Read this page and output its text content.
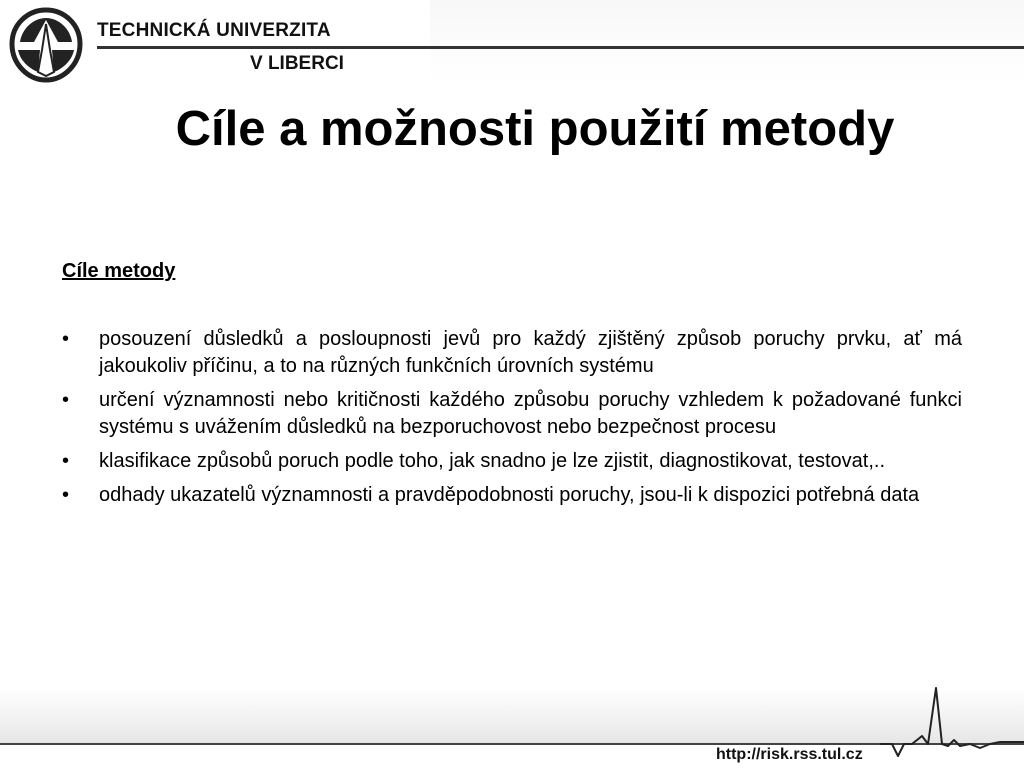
TECHNICKÁ UNIVERZITA
V LIBERCI
Cíle a možnosti použití metody
Cíle metody
• posouzení důsledků a posloupnosti jevů pro každý zjištěný způsob poruchy prvku, ať má jakoukoliv příčinu, a to na různých funkčních úrovních systému
• určení významnosti nebo kritičnosti každého způsobu poruchy vzhledem k požadované funkci systému s uvážením důsledků na bezporuchovost nebo bezpečnost procesu
• klasifikace způsobů poruch podle toho, jak snadno je lze zjistit, diagnostikovat, testovat,..
• odhady ukazatelů významnosti a pravděpodobnosti poruchy, jsou-li k dispozici potřebná data
http://risk.rss.tul.cz
